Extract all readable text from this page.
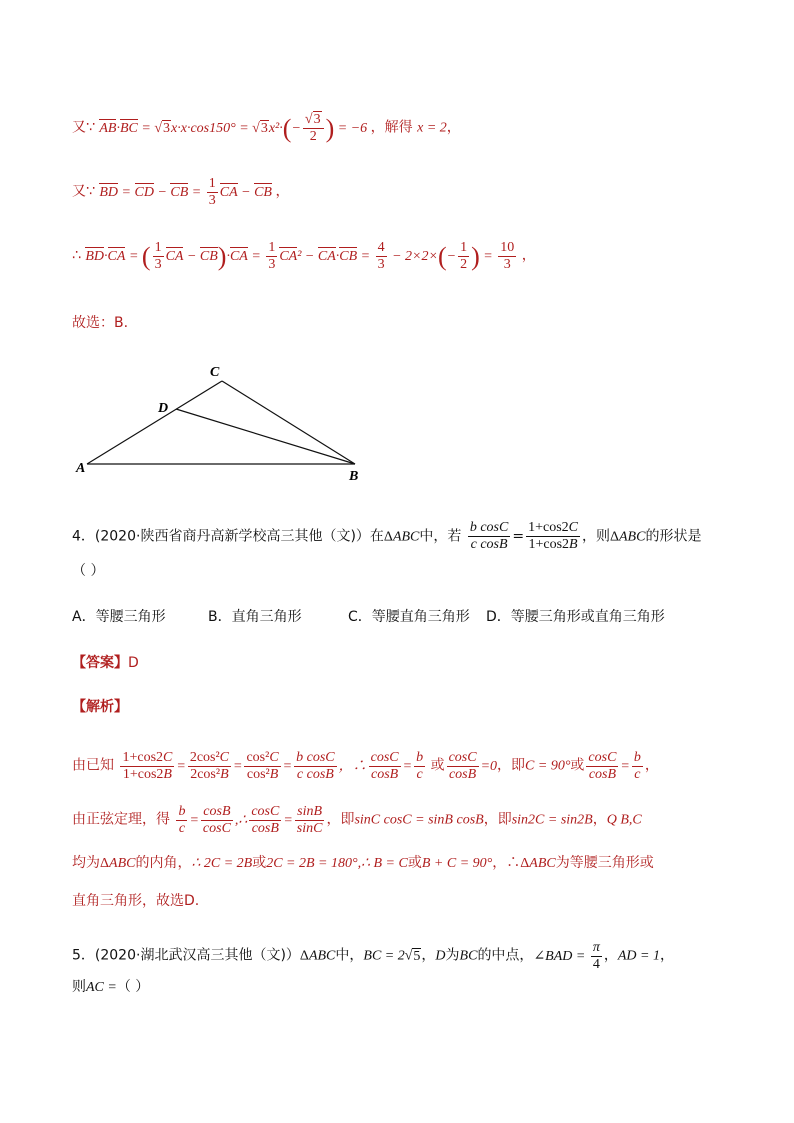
又∵ $AB\cdot BC = √3x\cdot x\cdot\cos 150^\circ = √3x^2\cdot(- \frac{√3}{2}$ ) = −6 ，解得 x = 2，
又∵ BD = CD − CB = $\frac{1}{3}$ CA − CB ，
∴ BD·CA = ( $\frac{1}{3}$ CA − $CB)\cdot CA = \frac{1}{3} CA^2 - CA\cdot CB = \frac{4}{3} - 2\times 2\times(- \frac{1}{2}$ ) = $\frac{10}{3}$ ，
故选：B.
A
B
C
D
4．(2020·陕西省商丹高新学校高三其他（文)）在ΔABC中，若 $\frac{\text{b cosC}}{\text{c cosB}} = \frac{1+\cos 2C}{1+\cos 2B}$ ，则ΔABC的形状是
（ ）
A．等腰三角形	B．直角三角形	C．等腰直角三角形 D．等腰三角形或直角三角形
【答案】D
【解析】
由已知 $\frac{1+\cos 2C}{1+\cos 2B} = \frac{\text{2cos²C}}{\text{2cos²B}} = \frac{\text{cos²C}}{\text{cos²B}} = \frac{\text{b cosC}}{\text{c cosB}}$ ，∴ $\frac{\cos C}{\cos B} = \frac{b}{c}$ 或 $\frac{\cos C}{\cos B} =0$，即C = 90°或 $\frac{\cos C}{\cos B} = \frac{b}{c}$ ，
由正弦定理，得 $\frac{b}{c} = \frac{\cos B}{\cos C}$ ,∴ $\frac{\cos C}{\cos B} = \frac{\sin B}{\sin C}$ ，即sinC cosC = sinB cosB，即sin2C = sin2B，Q B,C
均为ΔABC的内角，∴ 2C = 2B或2C = 2B = 180°,∴ B = C或B + C = 90°，∴ΔABC为等腰三角形或
直角三角形，故选D.
5．(2020·湖北武汉高三其他（文)）ΔABC中，BC = 2√5，D为BC的中点，∠BAD = $\frac{\pi}{4}$ ，AD = 1，
则AC =（ ）
